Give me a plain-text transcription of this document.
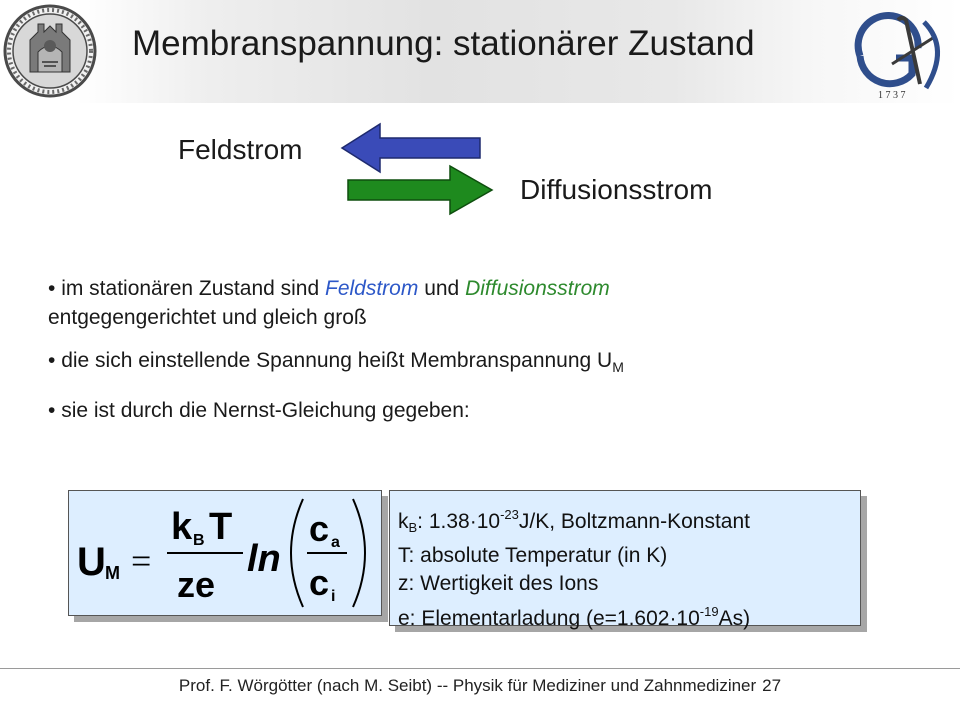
Membranspannung: stationärer Zustand
1 7 3 7
Feldstrom
Diffusionsstrom

• im stationären Zustand sind Feldstrom und Diffusionsstrom
entgegengerichtet und gleich groß

• die sich einstellende Spannung heißt Membranspannung $U_M$

• sie ist durch die Nernst-Gleichung gegeben:

U M =
k B T
ze
ln
c a
c i
kB: $1.38\cdot 10^{-23}J/K$, Boltzmann-Konstant
T: absolute Temperatur (in K)
z: Wertigkeit des Ions
e: Elementarladung $(e=1.602\cdot 10^{-19}As)$
Prof. F. Wörgötter (nach M. Seibt) -- Physik für Mediziner und Zahnmediziner 27
